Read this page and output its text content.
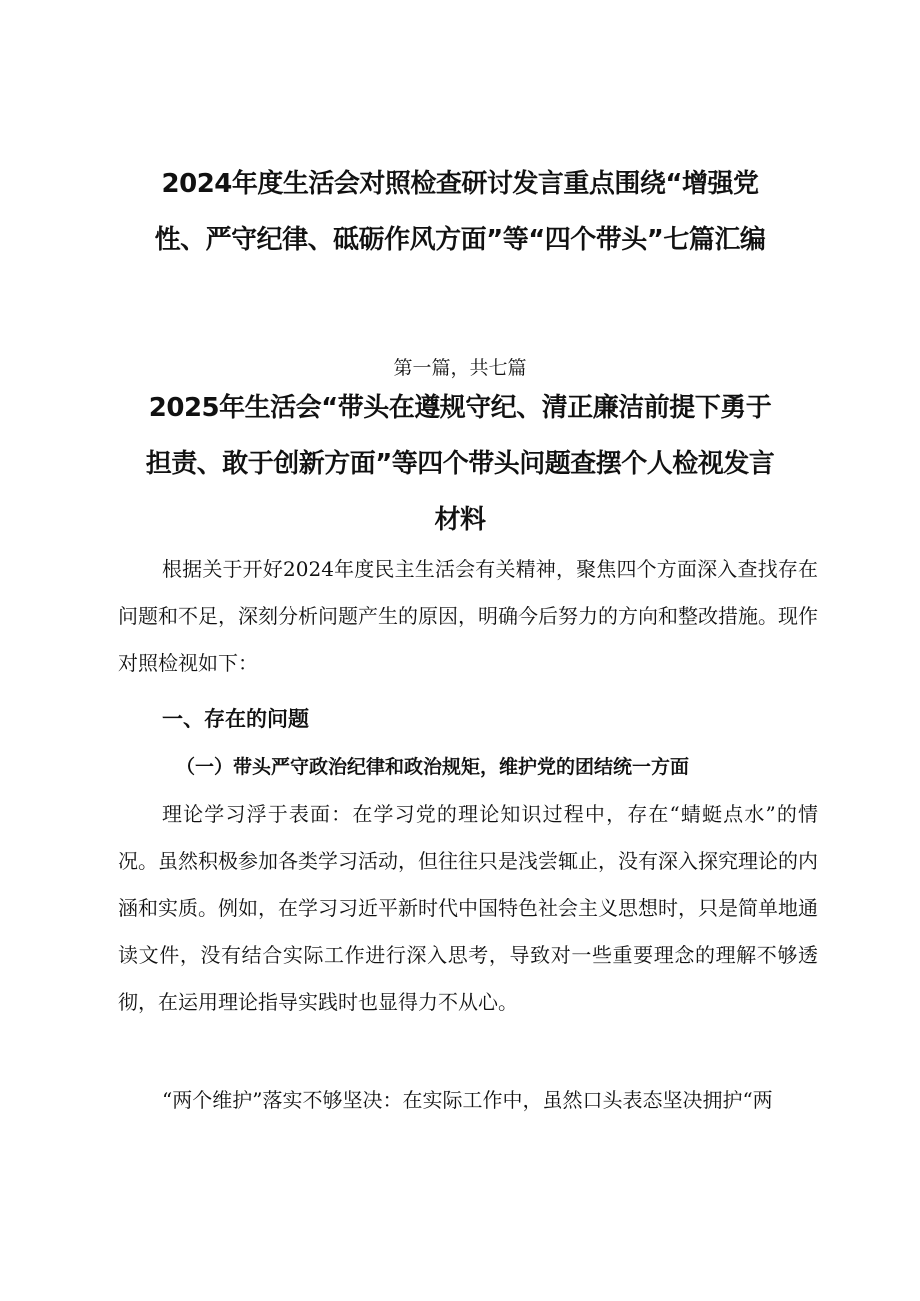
2024年度生活会对照检查研讨发言重点围绕“增强党性、严守纪律、砥砺作风方面”等“四个带头”七篇汇编

第一篇，共七篇

2025年生活会“带头在遵规守纪、清正廉洁前提下勇于担责、敢于创新方面”等四个带头问题查摆个人检视发言材料

根据关于开好2024年度民主生活会有关精神，聚焦四个方面深入查找存在问题和不足，深刻分析问题产生的原因，明确今后努力的方向和整改措施。现作对照检视如下：

一、存在的问题
（一）带头严守政治纪律和政治规矩，维护党的团结统一方面

理论学习浮于表面：在学习党的理论知识过程中，存在“蜻蜓点水”的情况。虽然积极参加各类学习活动，但往往只是浅尝辄止，没有深入探究理论的内涵和实质。例如，在学习习近平新时代中国特色社会主义思想时，只是简单地通读文件，没有结合实际工作进行深入思考，导致对一些重要理念的理解不够透彻，在运用理论指导实践时也显得力不从心。

“两个维护”落实不够坚决：在实际工作中，虽然口头表态坚决拥护“两
